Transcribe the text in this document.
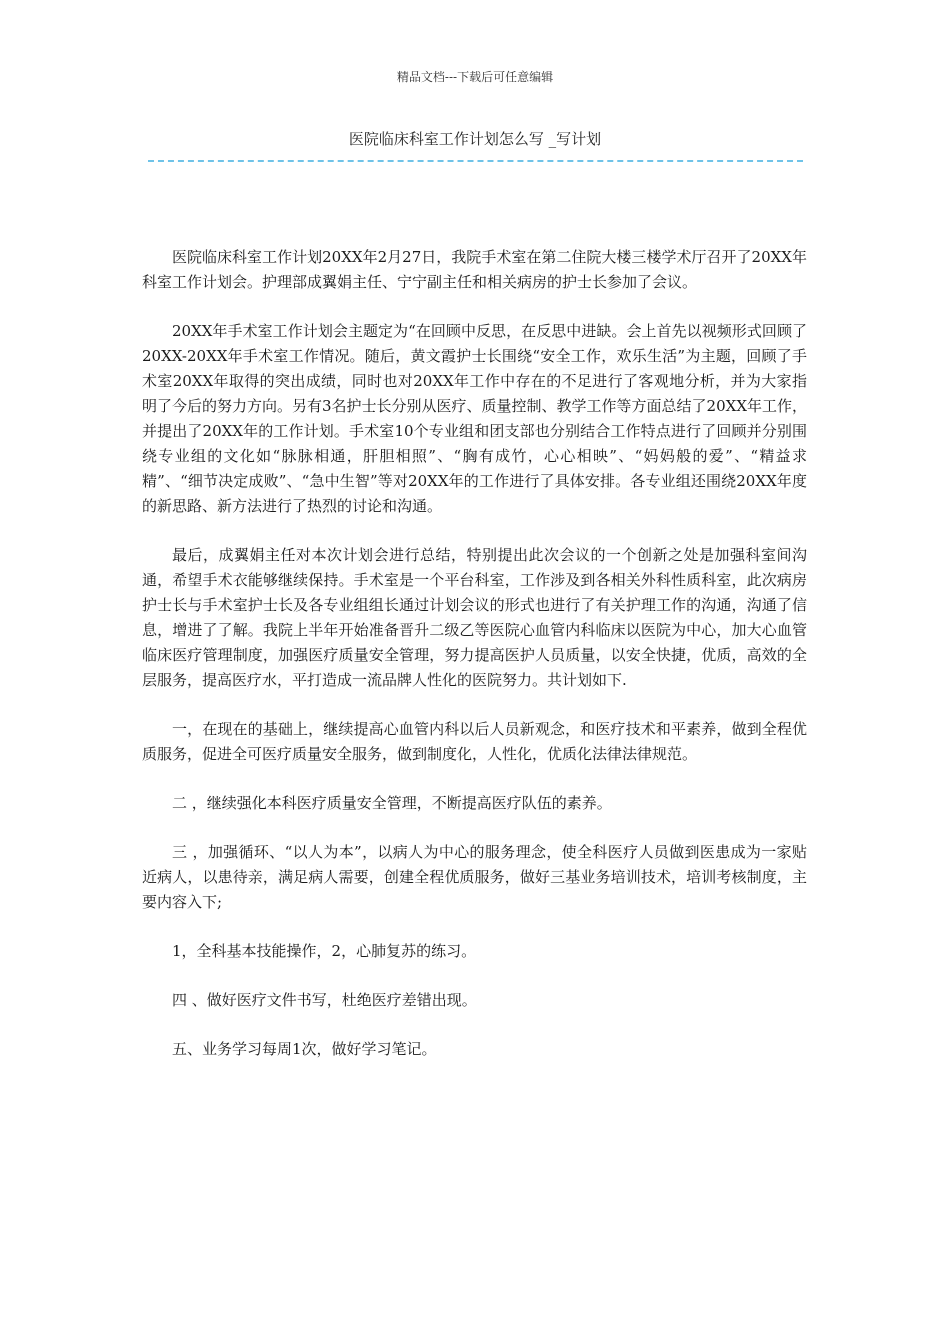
精品文档---下载后可任意编辑
医院临床科室工作计划怎么写 _写计划

医院临床科室工作计划20XX年2月27日，我院手术室在第二住院大楼三楼学术厅召开了20XX年科室工作计划会。护理部成翼娟主任、宁宁副主任和相关病房的护士长参加了会议。

20XX年手术室工作计划会主题定为“在回顾中反思，在反思中进缺。会上首先以视频形式回顾了20XX-20XX年手术室工作情况。随后，黄文霞护士长围绕“安全工作，欢乐生活”为主题，回顾了手术室20XX年取得的突出成绩，同时也对20XX年工作中存在的不足进行了客观地分析，并为大家指明了今后的努力方向。另有3名护士长分别从医疗、质量控制、教学工作等方面总结了20XX年工作，并提出了20XX年的工作计划。手术室10个专业组和团支部也分别结合工作特点进行了回顾并分别围绕专业组的文化如“脉脉相通，肝胆相照”、“胸有成竹，心心相映”、“妈妈般的爱”、“精益求精”、“细节决定成败”、“急中生智”等对20XX年的工作进行了具体安排。各专业组还围绕20XX年度的新思路、新方法进行了热烈的讨论和沟通。

最后，成翼娟主任对本次计划会进行总结，特别提出此次会议的一个创新之处是加强科室间沟通，希望手术衣能够继续保持。手术室是一个平台科室，工作涉及到各相关外科性质科室，此次病房护士长与手术室护士长及各专业组组长通过计划会议的形式也进行了有关护理工作的沟通，沟通了信息，增进了了解。我院上半年开始准备晋升二级乙等医院心血管内科临床以医院为中心，加大心血管临床医疗管理制度，加强医疗质量安全管理，努力提高医护人员质量，以安全快捷，优质，高效的全层服务，提高医疗水，平打造成一流品牌人性化的医院努力。共计划如下.

一，在现在的基础上，继续提高心血管内科以后人员新观念，和医疗技术和平素养，做到全程优质服务，促进全可医疗质量安全服务，做到制度化，人性化，优质化法律法律规范。

二 ，继续强化本科医疗质量安全管理，不断提高医疗队伍的素养。

三 ，加强循环、“以人为本”，以病人为中心的服务理念，使全科医疗人员做到医患成为一家贴近病人，以患待亲，满足病人需要，创建全程优质服务，做好三基业务培训技术，培训考核制度，主要内容入下;

1，全科基本技能操作，2，心肺复苏的练习。

四 、做好医疗文件书写，杜绝医疗差错出现。

五、业务学习每周1次，做好学习笔记。
